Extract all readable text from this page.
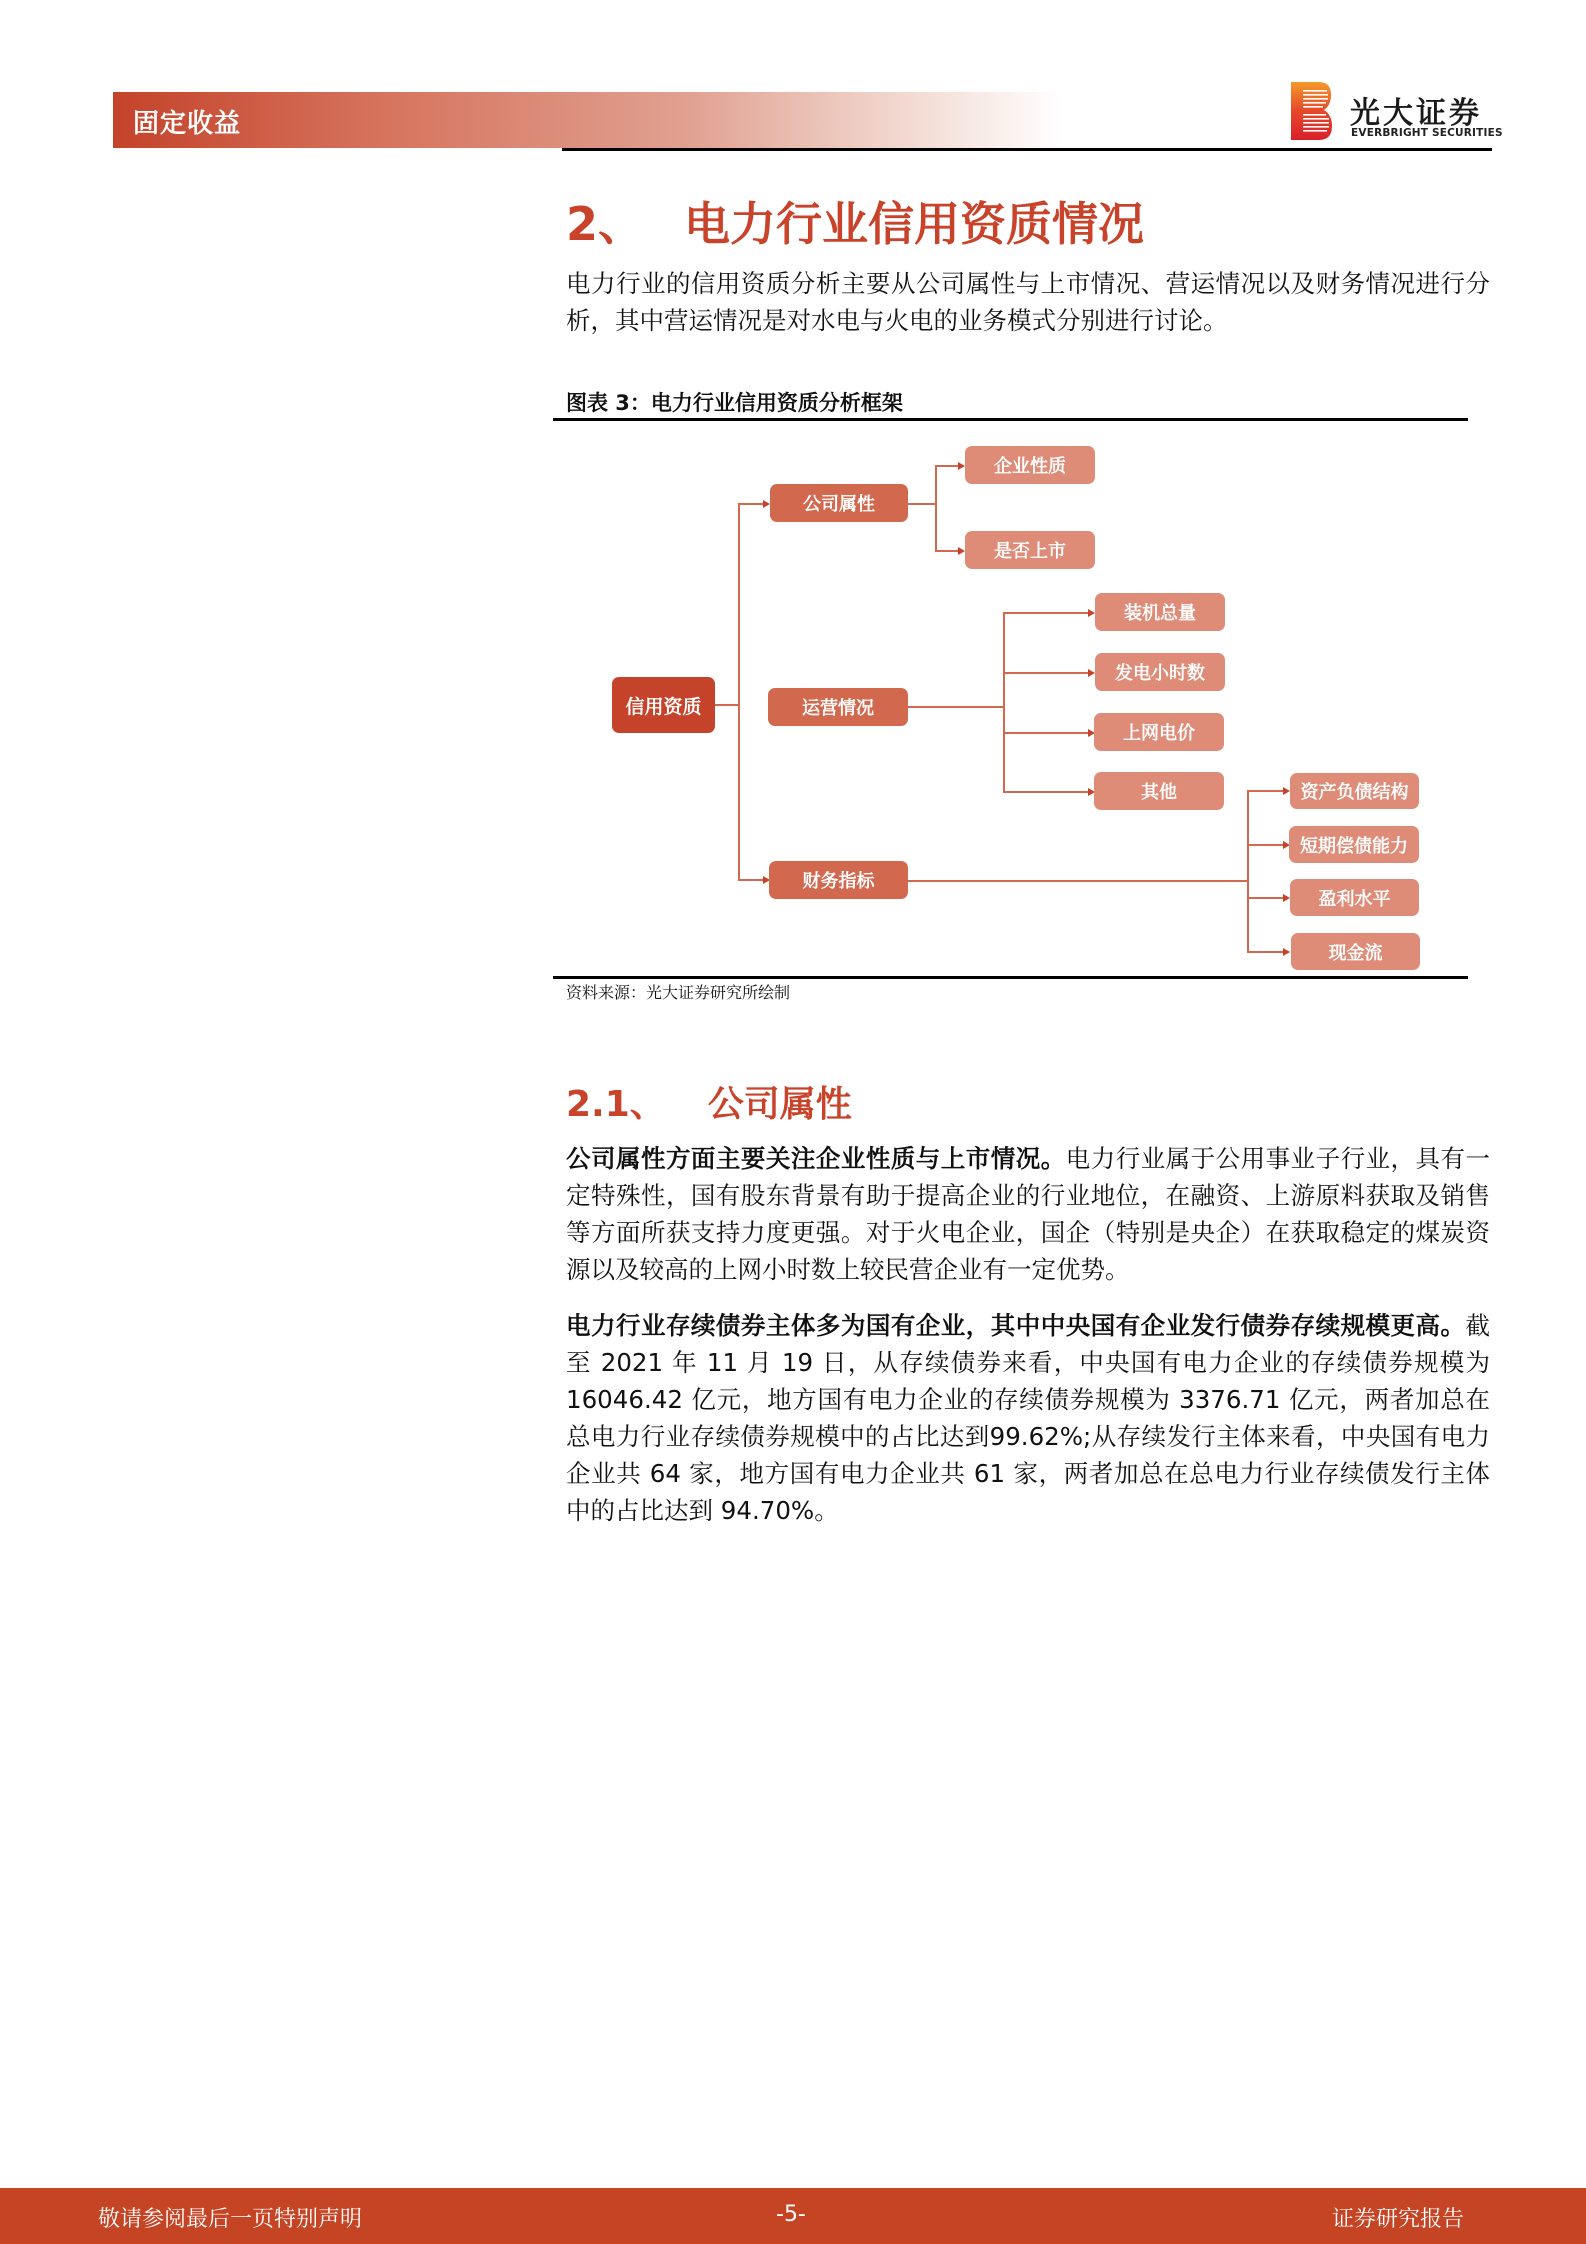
固定收益	光大证券
EVERBRIGHT SECURITIES
2、 电力行业信用资质情况
电力行业的信用资质分析主要从公司属性与上市情况、营运情况以及财务情况进行分析，其中营运情况是对水电与火电的业务模式分别进行讨论。
图表 3：电力行业信用资质分析框架
信用资质
公司属性
运营情况
财务指标
企业性质
是否上市
装机总量
发电小时数
上网电价
其他	资产负债结构
短期偿债能力
盈利水平
现金流
资料来源：光大证券研究所绘制
2.1、 公司属性
公司属性方面主要关注企业性质与上市情况。电力行业属于公用事业子行业，具有一定特殊性，国有股东背景有助于提高企业的行业地位，在融资、上游原料获取及销售等方面所获支持力度更强。对于火电企业，国企（特别是央企）在获取稳定的煤炭资源以及较高的上网小时数上较民营企业有一定优势。
电力行业存续债券主体多为国有企业，其中中央国有企业发行债券存续规模更高。截至 2021 年 11 月 19 日，从存续债券来看，中央国有电力企业的存续债券规模为 16046.42 亿元，地方国有电力企业的存续债券规模为 3376.71 亿元，两者加总在总电力行业存续债券规模中的占比达到99.62%;从存续发行主体来看，中央国有电力企业共 64 家，地方国有电力企业共 61 家，两者加总在总电力行业存续债发行主体中的占比达到 94.70%。
敬请参阅最后一页特别声明	-5-	证券研究报告
